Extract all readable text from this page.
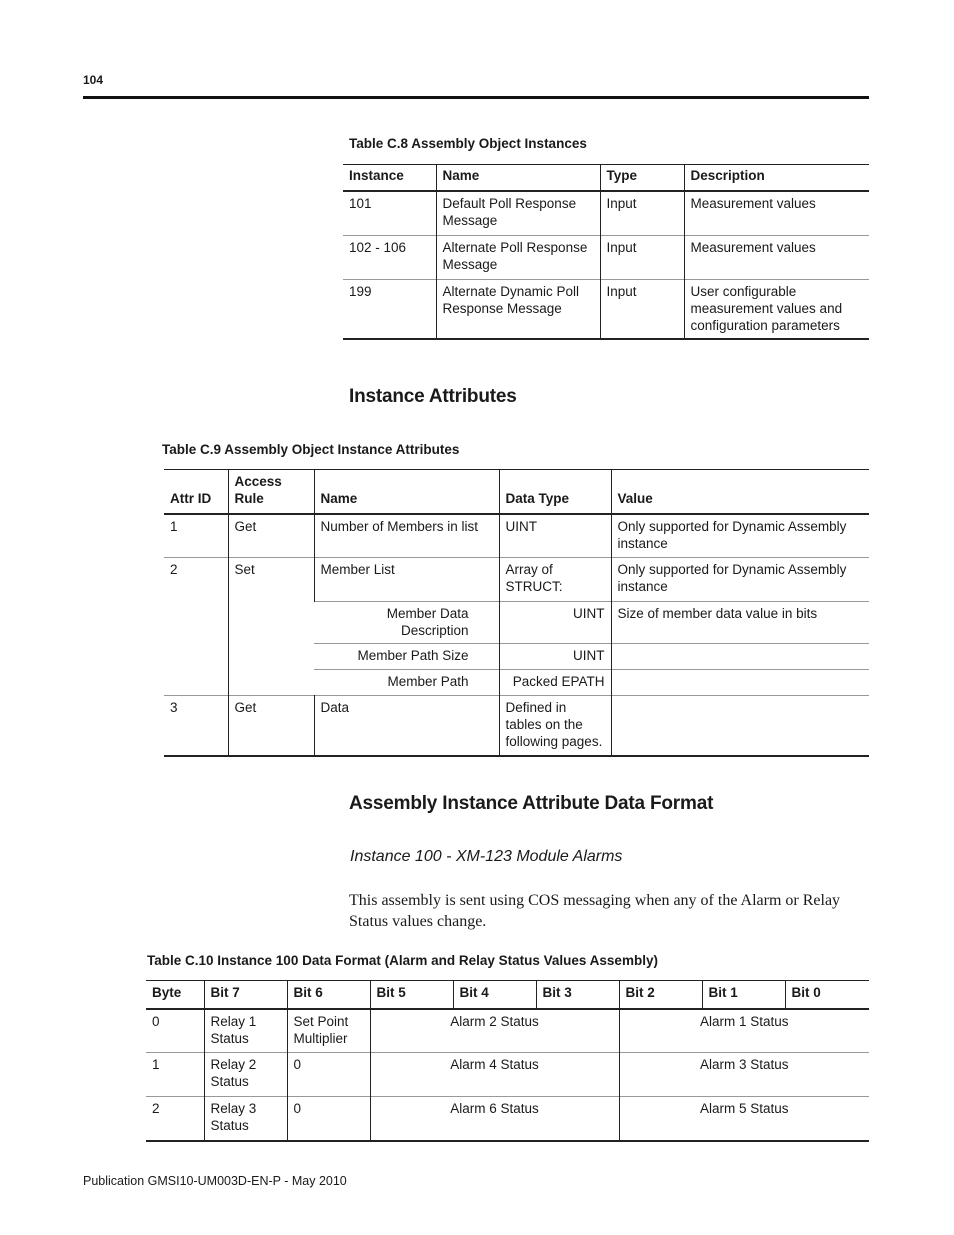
104
Table C.8 Assembly Object Instances
Instance	Name	Type	Description
101	Default Poll Response Message	Input	Measurement values
102 - 106	Alternate Poll Response Message	Input	Measurement values
199	Alternate Dynamic Poll Response Message	Input	User configurable measurement values and configuration parameters
Instance Attributes
Table C.9 Assembly Object Instance Attributes
Attr ID	Access Rule	Name	Data Type	Value
1	Get	Number of Members in list	UINT	Only supported for Dynamic Assembly instance
2	Set	Member List	Array of STRUCT:	Only supported for Dynamic Assembly instance
		Member Data Description	UINT	Size of member data value in bits
		Member Path Size	UINT	
		Member Path	Packed EPATH	
3	Get	Data	Defined in tables on the following pages.	
Assembly Instance Attribute Data Format
Instance 100 - XM-123 Module Alarms
This assembly is sent using COS messaging when any of the Alarm or Relay Status values change.
Table C.10 Instance 100 Data Format (Alarm and Relay Status Values Assembly)
Byte	Bit 7	Bit 6	Bit 5	Bit 4	Bit 3	Bit 2	Bit 1	Bit 0
0	Relay 1 Status	Set Point Multiplier	Alarm 2 Status			Alarm 1 Status		
1	Relay 2 Status	0	Alarm 4 Status			Alarm 3 Status		
2	Relay 3 Status	0	Alarm 6 Status			Alarm 5 Status		
Publication GMSI10-UM003D-EN-P - May 2010
